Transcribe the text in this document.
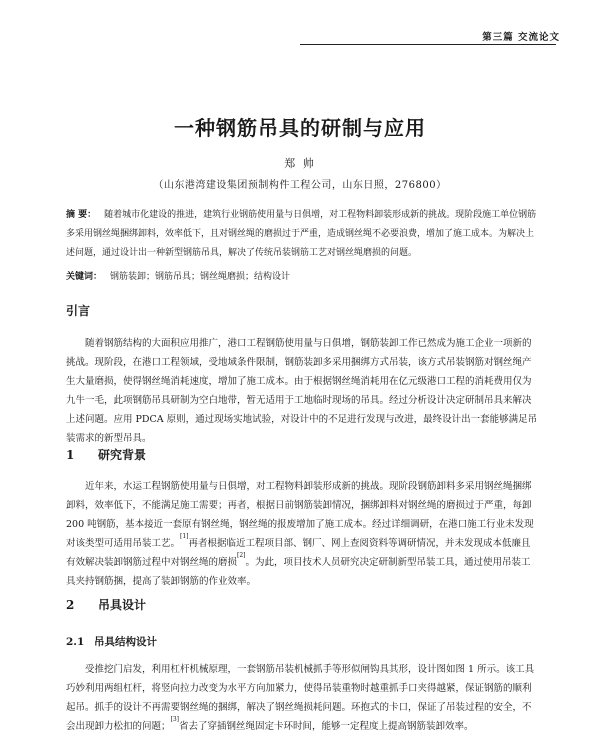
第三篇 交流论文
一种钢筋吊具的研制与应用
郑 帅
（山东港湾建设集团预制构件工程公司，山东日照，276800）
摘 要： 随着城市化建设的推进，建筑行业钢筋使用量与日俱增，对工程物料卸装形成新的挑战。现阶段施工单位钢筋多采用钢丝绳捆绑卸料，效率低下，且对钢丝绳的磨损过于严重，造成钢丝绳不必要浪费，增加了施工成本。为解决上述问题，通过设计出一种新型钢筋吊具，解决了传统吊装钢筋工艺对钢丝绳磨损的问题。
关键词： 钢筋装卸；钢筋吊具；钢丝绳磨损；结构设计
引言
随着钢筋结构的大面积应用推广，港口工程钢筋使用量与日俱增，钢筋装卸工作已然成为施工企业一项新的挑战。现阶段，在港口工程领域，受地域条件限制，钢筋装卸多采用捆绑方式吊装，该方式吊装钢筋对钢丝绳产生大量磨损，使得钢丝绳消耗速度，增加了施工成本。由于根据钢丝绳消耗用在亿元级港口工程的消耗费用仅为九牛一毛，此项钢筋吊具研制为空白地带，暂无适用于工地临时现场的吊具。经过分析设计决定研制吊具来解决上述问题。应用 PDCA 原则，通过现场实地试验，对设计中的不足进行发现与改进，最终设计出一套能够满足吊装需求的新型吊具。
1 研究背景
近年来，水运工程钢筋使用量与日俱增，对工程物料卸装形成新的挑战。现阶段钢筋卸料多采用钢丝绳捆绑卸料，效率低下，不能满足施工需要；再者，根据日前钢筋装卸情况，捆绑卸料对钢丝绳的磨损过于严重，每卸 200 吨钢筋，基本接近一套原有钢丝绳，钢丝绳的报废增加了施工成本。经过详细调研，在港口施工行业未发现对该类型可适用吊装工艺。[1]再者根据临近工程项目部、钢厂、网上查阅资料等调研情况，并未发现成本低廉且有效解决装卸钢筋过程中对钢丝绳的磨损[2]。为此，项目技术人员研究决定研制新型吊装工具，通过使用吊装工具夹持钢筋捆，提高了装卸钢筋的作业效率。
2 吊具设计
2.1 吊具结构设计
受推挖门启发，利用杠杆机械原理，一套钢筋吊装机械抓手等形似闸钩具其形，设计图如图 1 所示。该工具巧妙利用两组杠杆，将竖向拉力改变为水平方向加紧力，使得吊装重物时越重抓手口夹得越紧，保证钢筋的顺利起吊。抓手的设计不再需要钢丝绳的捆绑，解决了钢丝绳损耗问题。环抱式的卡口，保证了吊装过程的安全，不会出现卸力松扣的问题；[3]省去了穿插钢丝绳固定卡环时间，能够一定程度上提高钢筋装卸效率。
